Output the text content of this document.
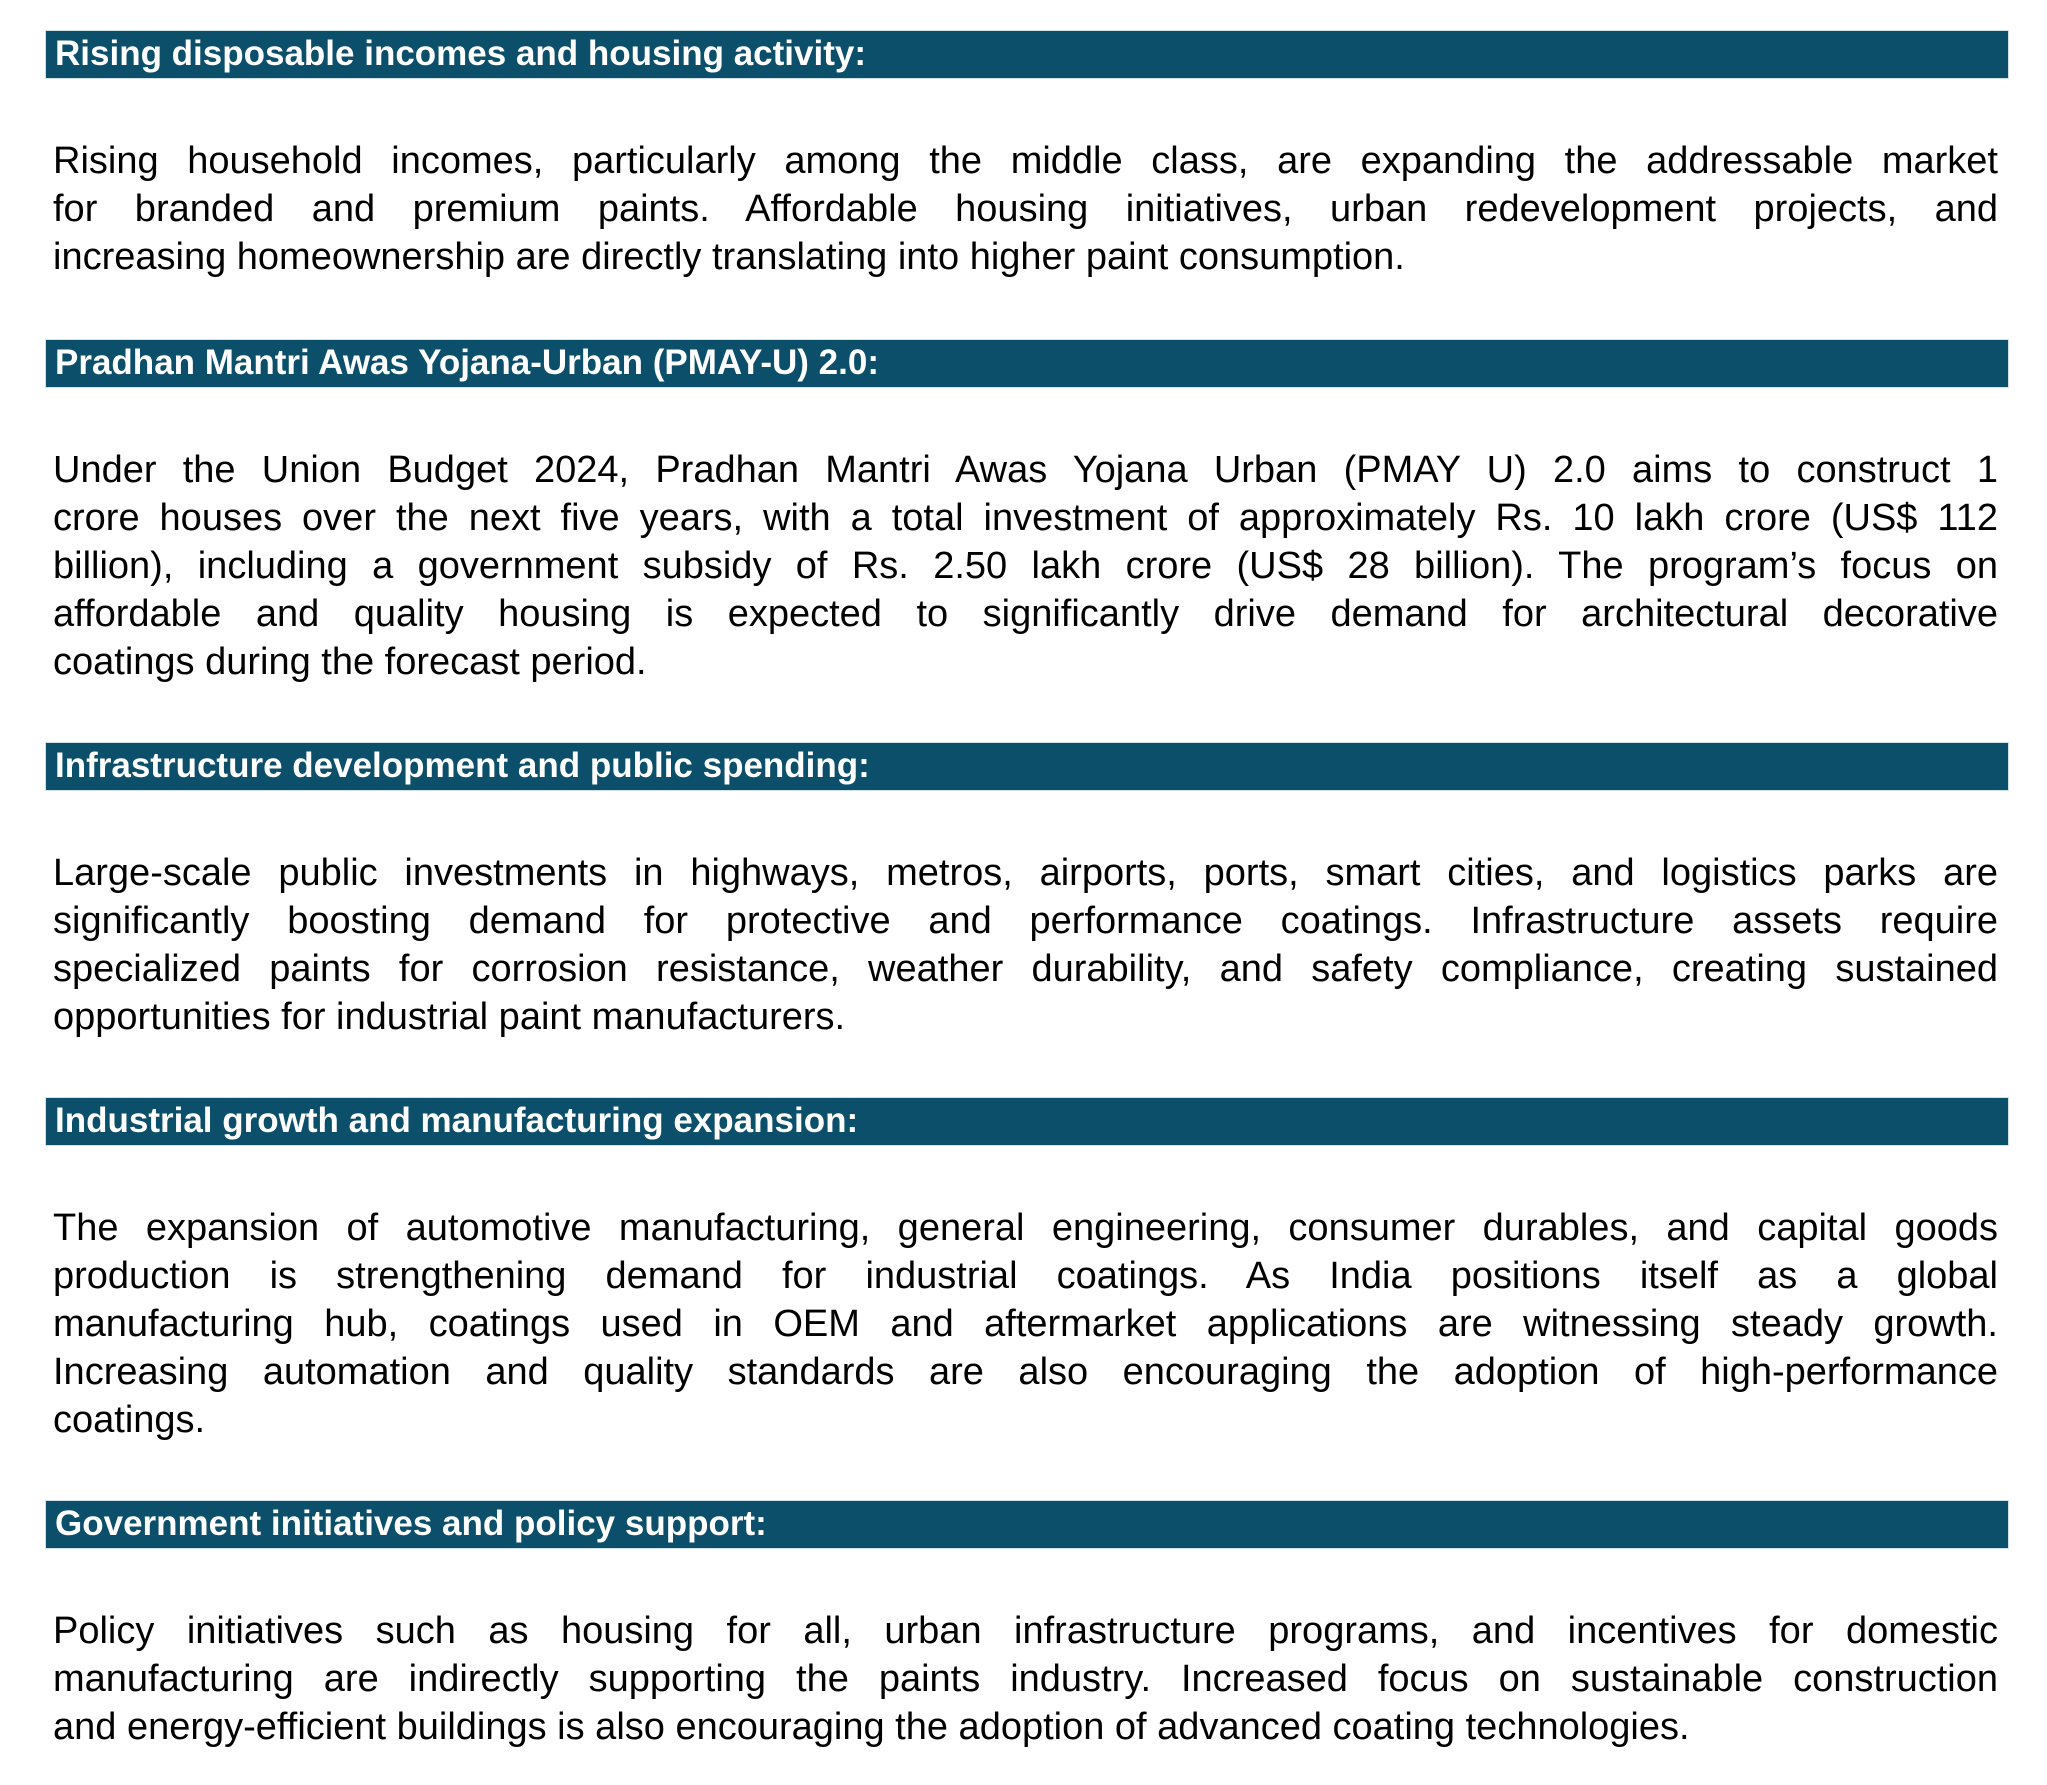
Rising disposable incomes and housing activity:
Rising household incomes, particularly among the middle class, are expanding the addressable market
for branded and premium paints. Affordable housing initiatives, urban redevelopment projects, and
increasing homeownership are directly translating into higher paint consumption.
Pradhan Mantri Awas Yojana-Urban (PMAY-U) 2.0:
Under the Union Budget 2024, Pradhan Mantri Awas Yojana Urban (PMAY U) 2.0 aims to construct 1
crore houses over the next five years, with a total investment of approximately Rs. 10 lakh crore (US$ 112
billion), including a government subsidy of Rs. 2.50 lakh crore (US$ 28 billion). The program’s focus on
affordable and quality housing is expected to significantly drive demand for architectural decorative
coatings during the forecast period.
Infrastructure development and public spending:
Large-scale public investments in highways, metros, airports, ports, smart cities, and logistics parks are
significantly boosting demand for protective and performance coatings. Infrastructure assets require
specialized paints for corrosion resistance, weather durability, and safety compliance, creating sustained
opportunities for industrial paint manufacturers.
Industrial growth and manufacturing expansion:
The expansion of automotive manufacturing, general engineering, consumer durables, and capital goods
production is strengthening demand for industrial coatings. As India positions itself as a global
manufacturing hub, coatings used in OEM and aftermarket applications are witnessing steady growth.
Increasing automation and quality standards are also encouraging the adoption of high-performance
coatings.
Government initiatives and policy support:
Policy initiatives such as housing for all, urban infrastructure programs, and incentives for domestic
manufacturing are indirectly supporting the paints industry. Increased focus on sustainable construction
and energy-efficient buildings is also encouraging the adoption of advanced coating technologies.
